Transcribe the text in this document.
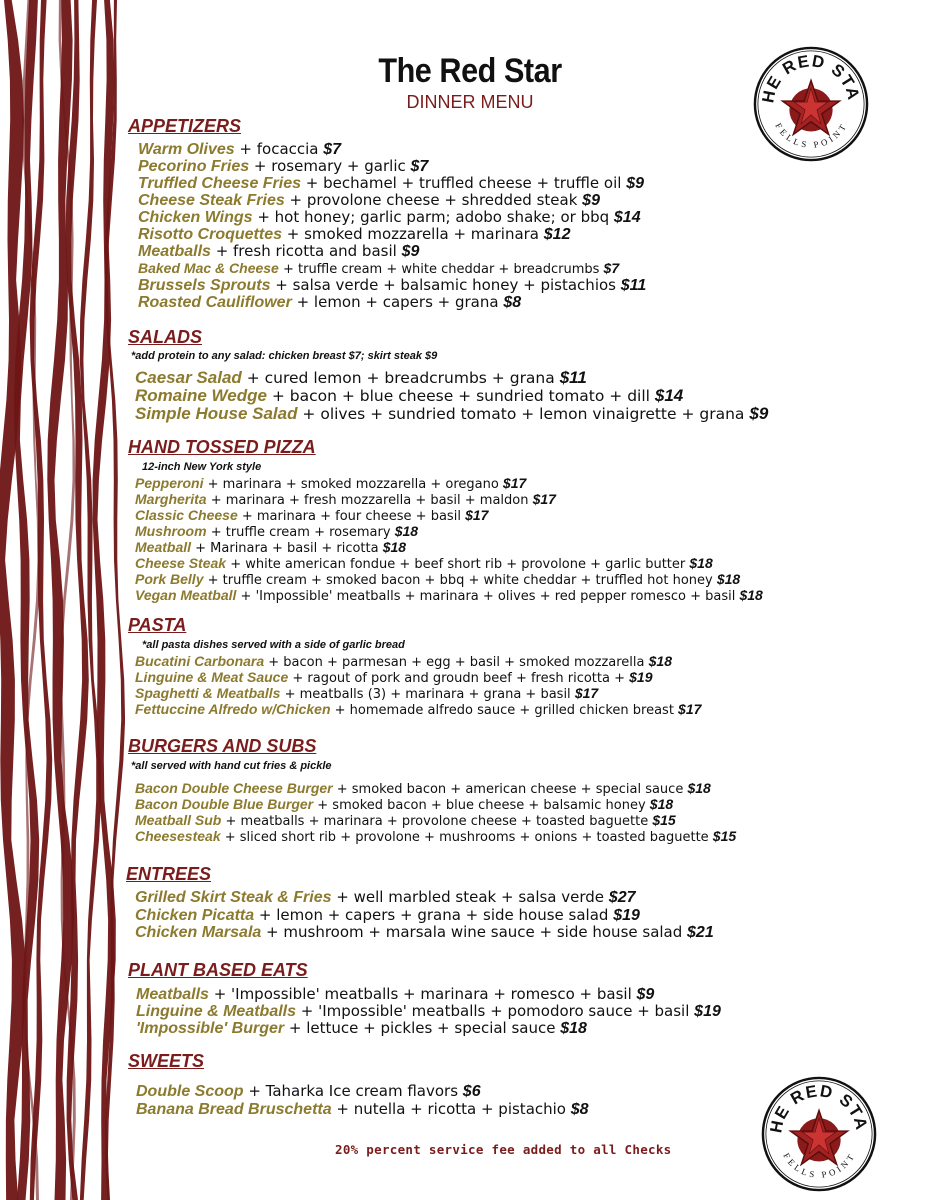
The Red Star
DINNER MENU	HE RED STA
FELLS POINT
HE RED STA
FELLS POINT
APPETIZERS
Warm Olives + focaccia $7
Pecorino Fries + rosemary + garlic $7
Truffled Cheese Fries + bechamel + truffled cheese + truffle oil $9
Cheese Steak Fries + provolone cheese + shredded steak $9
Chicken Wings + hot honey; garlic parm; adobo shake; or bbq $14
Risotto Croquettes + smoked mozzarella + marinara $12
Meatballs + fresh ricotta and basil $9
Baked Mac & Cheese + truffle cream + white cheddar + breadcrumbs $7
Brussels Sprouts + salsa verde + balsamic honey + pistachios $11
Roasted Cauliflower + lemon + capers + grana $8
SALADS
*add protein to any salad: chicken breast $7; skirt steak $9
Caesar Salad + cured lemon + breadcrumbs + grana $11
Romaine Wedge + bacon + blue cheese + sundried tomato + dill $14
Simple House Salad + olives + sundried tomato + lemon vinaigrette + grana $9
HAND TOSSED PIZZA
12-inch New York style
Pepperoni + marinara + smoked mozzarella + oregano $17
Margherita + marinara + fresh mozzarella + basil + maldon $17
Classic Cheese + marinara + four cheese + basil $17
Mushroom + truffle cream + rosemary $18
Meatball + Marinara + basil + ricotta $18
Cheese Steak + white american fondue + beef short rib + provolone + garlic butter $18
Pork Belly + truffle cream + smoked bacon + bbq + white cheddar + truffled hot honey $18
Vegan Meatball + 'Impossible' meatballs + marinara + olives + red pepper romesco + basil $18
PASTA
*all pasta dishes served with a side of garlic bread
Bucatini Carbonara + bacon + parmesan + egg + basil + smoked mozzarella $18
Linguine & Meat Sauce + ragout of pork and groudn beef + fresh ricotta + $19
Spaghetti & Meatballs + meatballs (3) + marinara + grana + basil $17
Fettuccine Alfredo w/Chicken + homemade alfredo sauce + grilled chicken breast $17
BURGERS AND SUBS
*all served with hand cut fries & pickle
Bacon Double Cheese Burger + smoked bacon + american cheese + special sauce $18
Bacon Double Blue Burger + smoked bacon + blue cheese + balsamic honey $18
Meatball Sub + meatballs + marinara + provolone cheese + toasted baguette $15
Cheesesteak + sliced short rib + provolone + mushrooms + onions + toasted baguette $15
ENTREES
Grilled Skirt Steak & Fries + well marbled steak + salsa verde $27
Chicken Picatta + lemon + capers + grana + side house salad $19
Chicken Marsala + mushroom + marsala wine sauce + side house salad $21
PLANT BASED EATS
Meatballs + 'Impossible' meatballs + marinara + romesco + basil $9
Linguine & Meatballs + 'Impossible' meatballs + pomodoro sauce + basil $19
'Impossible' Burger + lettuce + pickles + special sauce $18
SWEETS
Double Scoop + Taharka Ice cream flavors $6
Banana Bread Bruschetta + nutella + ricotta + pistachio $8
20% percent service fee added to all Checks
